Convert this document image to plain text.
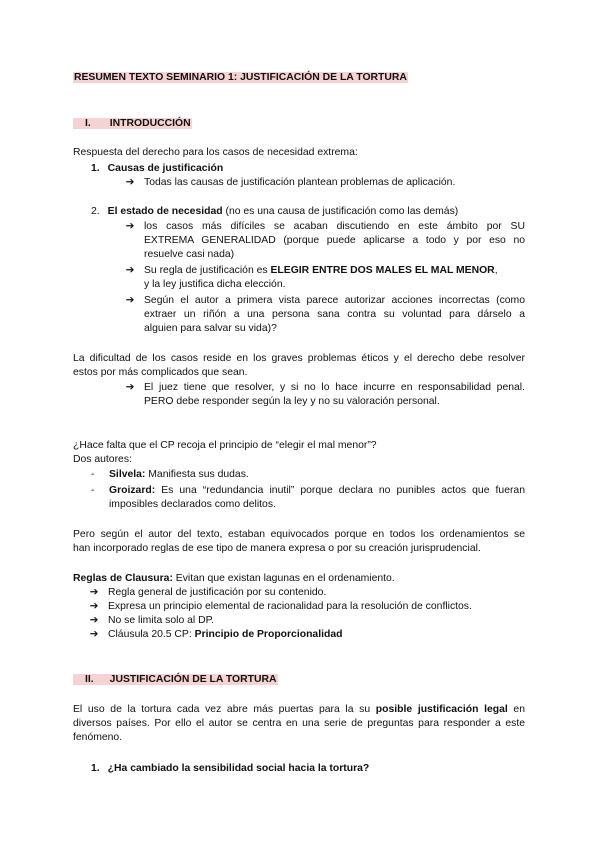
RESUMEN TEXTO SEMINARIO 1: JUSTIFICACIÓN DE LA TORTURA
I. INTRODUCCIÓN
Respuesta del derecho para los casos de necesidad extrema:
1. Causas de justificación
➔ Todas las causas de justificación plantean problemas de aplicación.
2. El estado de necesidad (no es una causa de justificación como las demás)
➔ los casos más difíciles se acaban discutiendo en este ámbito por SU
EXTREMA GENERALIDAD (porque puede aplicarse a todo y por eso no
resuelve casi nada)
➔ Su regla de justificación es ELEGIR ENTRE DOS MALES EL MAL MENOR,
y la ley justifica dicha elección.
➔ Según el autor a primera vista parece autorizar acciones incorrectas (como
extraer un riñón a una persona sana contra su voluntad para dárselo a
alguien para salvar su vida)?
La dificultad de los casos reside en los graves problemas éticos y el derecho debe resolver
estos por más complicados que sean.
➔ El juez tiene que resolver, y si no lo hace incurre en responsabilidad penal.
PERO debe responder según la ley y no su valoración personal.
¿Hace falta que el CP recoja el principio de “elegir el mal menor”?
Dos autores:
- Silvela: Manifiesta sus dudas.
- Groizard: Es una “redundancia inutil” porque declara no punibles actos que fueran
imposibles declarados como delitos.
Pero según el autor del texto, estaban equivocados porque en todos los ordenamientos se
han incorporado reglas de ese tipo de manera expresa o por su creación jurisprudencial.
Reglas de Clausura: Evitan que existan lagunas en el ordenamiento.
➔ Regla general de justificación por su contenido.
➔ Expresa un principio elemental de racionalidad para la resolución de conflictos.
➔ No se limita solo al DP.
➔ Cláusula 20.5 CP: Principio de Proporcionalidad
II. JUSTIFICACIÓN DE LA TORTURA
El uso de la tortura cada vez abre más puertas para la su posible justificación legal en
diversos países. Por ello el autor se centra en una serie de preguntas para responder a este
fenómeno.
1. ¿Ha cambiado la sensibilidad social hacia la tortura?
